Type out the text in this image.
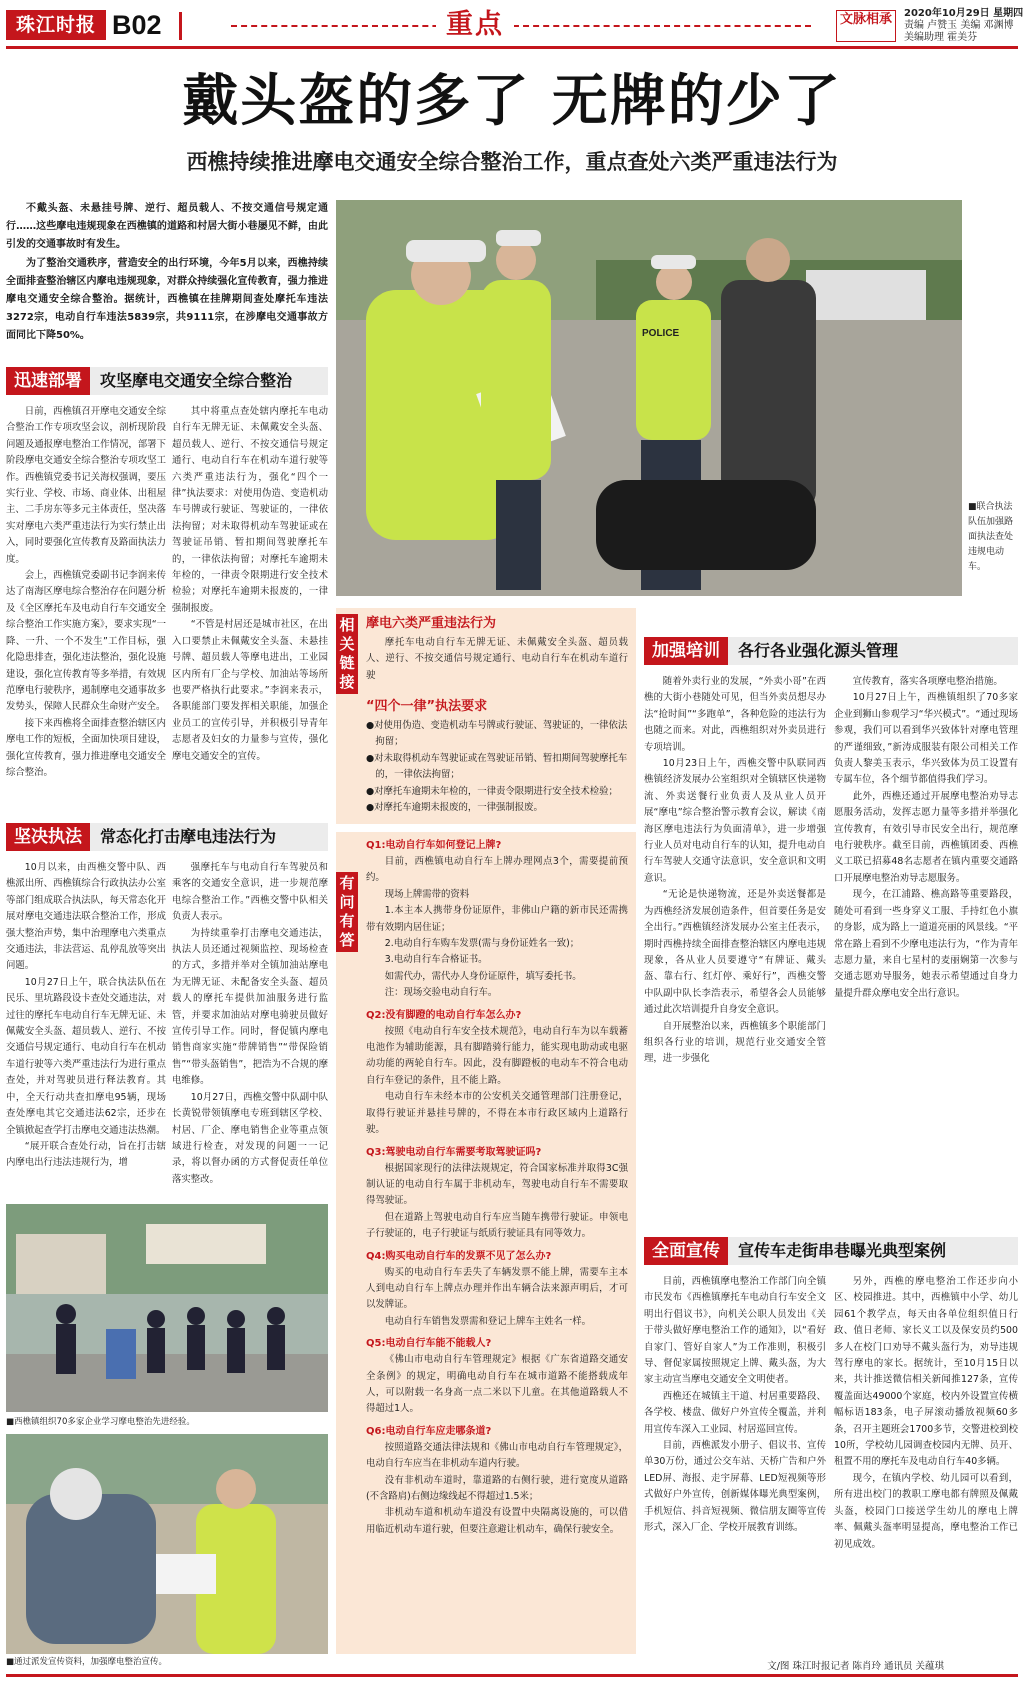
珠江时报 B02	重点	文脉相承	2020年10月29日 星期四
责编 卢赞玉 美编 邓渊博
美编助理 霍美芬
戴头盔的多了 无牌的少了
西樵持续推进摩电交通安全综合整治工作，重点查处六类严重违法行为

不戴头盔、未悬挂号牌、逆行、超员载人、不按交通信号规定通行……这些摩电违规现象在西樵镇的道路和村居大街小巷屡见不鲜，由此引发的交通事故时有发生。

为了整治交通秩序，营造安全的出行环境，今年5月以来，西樵持续全面排查整治辖区内摩电违规现象，对群众持续强化宣传教育，强力推进摩电交通安全综合整治。据统计，西樵镇在挂牌期间查处摩托车违法3272宗，电动自行车违法5839宗，共9111宗，在涉摩电交通事故方面同比下降50%。

迅速部署	攻坚摩电交通安全综合整治

日前，西樵镇召开摩电交通安全综合整治工作专项攻坚会议，剖析现阶段问题及通报摩电整治工作情况，部署下阶段摩电交通安全综合整治专项攻坚工作。西樵镇党委书记关海权强调，要压实行业、学校、市场、商业体、出租屋主、二手房东等多元主体责任，坚决落实对摩电六类严重违法行为实行禁止出入，同时要强化宣传教育及路面执法力度。

会上，西樵镇党委副书记李润来传达了南海区摩电综合整治存在问题分析及《全区摩托车及电动自行车交通安全综合整治工作实施方案》，要求实现“一降、一升、一个不发生”工作目标，强化隐患排查，强化违法整治，强化设施建设，强化宣传教育等多举措，有效规范摩电行驶秩序，遏制摩电交通事故多发势头，保障人民群众生命财产安全。

接下来西樵将全面排查整治辖区内摩电工作的短板，全面加快项目建设，强化宣传教育，强力推进摩电交通安全综合整治。

其中将重点查处辖内摩托车电动自行车无牌无证、未佩戴安全头盔、超员载人、逆行、不按交通信号规定通行、电动自行车在机动车道行驶等六类严重违法行为，强化“四个一律”执法要求：对使用伪造、变造机动车号牌或行驶证、驾驶证的，一律依法拘留；对未取得机动车驾驶证或在驾驶证吊销、暂扣期间驾驶摩托车的，一律依法拘留；对摩托车逾期未年检的，一律责令限期进行安全技术检验；对摩托车逾期未报废的，一律强制报废。

“不管是村居还是城市社区，在出入口要禁止未佩戴安全头盔、未悬挂号牌、超员载人等摩电进出，工业园区内所有厂企与学校、加油站等场所也要严格执行此要求。”李润来表示，各职能部门要发挥相关职能，加强企业员工的宣传引导，并积极引导青年志愿者及妇女的力量参与宣传，强化摩电交通安全的宣传。

POLICE
■联合执法队伍加强路面执法查处违规电动车。
坚决执法	常态化打击摩电违法行为

10月以来，由西樵交警中队、西樵派出所、西樵镇综合行政执法办公室等部门组成联合执法队，每天常态化开展对摩电交通违法联合整治工作，形成强大整治声势，集中治理摩电六类重点交通违法，非法营运、乱停乱放等突出问题。

10月27日上午，联合执法队伍在民乐、里坑路段设卡查处交通违法，对过往的摩托车电动自行车无牌无证、未佩戴安全头盔、超员载人、逆行、不按交通信号规定通行、电动自行车在机动车道行驶等六类严重违法行为进行重点查处，并对驾驶员进行释法教育。其中，全天行动共查扣摩电95辆，现场查处摩电其它交通违法62宗，还步在全镇掀起查学打击摩电交通违法热潮。

“展开联合查处行动，旨在打击辖内摩电出行违法违规行为，增

强摩托车与电动自行车驾驶员和乘客的交通安全意识，进一步规范摩电综合整治工作。”西樵交警中队相关负责人表示。

为持续重拳打击摩电交通违法，执法人员还通过视频监控、现场检查的方式，多措并举对全镇加油站摩电为无牌无证、未配备安全头盔、超员载人的摩托车提供加油服务进行监管，并要求加油站对摩电骑驶员做好宣传引导工作。同时，督促镇内摩电销售商家实施“带牌销售”“带保险销售”“带头盔销售”，把浩为不合规的摩电维修。

10月27日，西樵交警中队副中队长黄锐带领镇摩电专班到辖区学校、村居、厂企、摩电销售企业等重点领域进行检查，对发现的问题一一记录，将以督办函的方式督促责任单位落实整改。

■西樵镇组织70多家企业学习摩电整治先进经验。
■通过派发宣传资料，加强摩电整治宣传。
相关链接
摩电六类严重违法行为

摩托车电动自行车无牌无证、未佩戴安全头盔、超员载人、逆行、不按交通信号规定通行、电动自行车在机动车道行驶

“四个一律”执法要求
●对使用伪造、变造机动车号牌或行驶证、驾驶证的，一律依法拘留；
●对未取得机动车驾驶证或在驾驶证吊销、暂扣期间驾驶摩托车的，一律依法拘留；
●对摩托车逾期未年检的，一律责令限期进行安全技术检验；
●对摩托车逾期未报废的，一律强制报废。
有问有答
Q1:电动自行车如何登记上牌?

目前，西樵镇电动自行车上牌办理网点3个，需要提前预约。

现场上牌需带的资料

1.本主本人携带身份证原件，非佛山户籍的新市民还需携带有效期内居住证；

2.电动自行车购车发票(需与身份证姓名一致)；

3.电动自行车合格证书。

如需代办，需代办人身份证原件，填写委托书。

注：现场交验电动自行车。

Q2:没有脚蹬的电动自行车怎么办?

按照《电动自行车安全技术规范》，电动自行车为以车载蓄电池作为辅助能源，具有脚踏骑行能力，能实现电助动或电驱动功能的两轮自行车。因此，没有脚蹬板的电动车不符合电动自行车登记的条件，且不能上路。

电动自行车未经本市的公安机关交通管理部门注册登记，取得行驶证并悬挂号牌的，不得在本市行政区域内上道路行驶。

Q3:驾驶电动自行车需要考取驾驶证吗?

根据国家现行的法律法规规定，符合国家标准并取得3C强制认证的电动自行车属于非机动车，驾驶电动自行车不需要取得驾驶证。

但在道路上驾驶电动自行车应当随车携带行驶证。申领电子行驶证的，电子行驶证与纸质行驶证具有同等效力。

Q4:购买电动自行车的发票不见了怎么办?

购买的电动自行车丢失了车辆发票不能上牌，需要车主本人到电动自行车上牌点办理并作出车辆合法来源声明后，才可以发牌证。

电动自行车销售发票需和登记上牌车主姓名一样。

Q5:电动自行车能不能载人?

《佛山市电动自行车管理规定》根据《广东省道路交通安全条例》的规定，明确电动自行车在城市道路不能搭载成年人，可以附载一名身高一点二米以下儿童。在其他道路载人不得超过1人。

Q6:电动自行车应走哪条道?

按照道路交通法律法规和《佛山市电动自行车管理规定》，电动自行车应当在非机动车道内行驶。

没有非机动车道时，靠道路的右侧行驶，进行宽度从道路(不含路肩)右侧边缘线起不得超过1.5米；

非机动车道和机动车道没有设置中央隔离设施的，可以借用临近机动车道行驶，但要注意避让机动车，确保行驶安全。

加强培训	各行各业强化源头管理

随着外卖行业的发展，“外卖小哥”在西樵的大街小巷随处可见，但当外卖员想尽办法“抢时间”“多跑单”，各种危险的违法行为也随之而来。对此，西樵组织对外卖员进行专项培训。

10月23日上午，西樵交警中队联同西樵镇经济发展办公室组织对全镇辖区快递物流、外卖送餐行业负责人及从业人员开展“摩电”综合整治警示教育会议，解读《南海区摩电违法行为负面清单》，进一步增强行业人员对电动自行车的认知，提升电动自行车驾驶人交通守法意识，安全意识和文明意识。

“无论是快递物流，还是外卖送餐都是为西樵经济发展创造条件，但首要任务是安全出行。”西樵镇经济发展办公室主任表示，期时西樵持续全面排查整治辖区内摩电违规现象，各从业人员要遵守“有牌证、戴头盔、靠右行、红灯停、乘好行”，西樵交警中队副中队长李浩表示，希望各会人员能够通过此次培训提升自身安全意识。

自开展整治以来，西樵镇多个职能部门组织各行业的培训，规范行业交通安全管理，进一步强化

宣传教育，落实各项摩电整治措施。

10月27日上午，西樵镇组织了70多家企业到狮山参观学习“华兴模式”。“通过现场参观，我们可以看到华兴致体针对摩电管理的严谨细致，”新涛成服装有限公司相关工作负责人黎美玉表示，华兴致体为员工设置有专属车位，各个细节都值得我们学习。

此外，西樵还通过开展摩电整治劝导志愿服务活动，发挥志愿力量等多措并举强化宣传教育，有效引导市民安全出行，规范摩电行驶秩序。截至目前，西樵镇团委、西樵义工联已招募48名志愿者在镇内重要交通路口开展摩电整治劝导志愿服务。

现今，在江浦路、樵高路等重要路段，随处可看到一些身穿义工服、手持红色小旗的身影，成为路上一道道亮丽的风景线。“平常在路上看到不少摩电违法行为，“作为青年志愿力量，来自七星村的麦丽娴第一次参与交通志愿劝导服务，她表示希望通过自身力量提升群众摩电安全出行意识。

全面宣传	宣传车走街串巷曝光典型案例

目前，西樵镇摩电整治工作部门向全镇市民发布《西樵镇摩托车电动自行车安全文明出行倡议书》，向机关公职人员发出《关于带头做好摩电整治工作的通知》，以“看好自家门、管好自家人”为工作准则，积极引导、督促家属按照规定上牌、戴头盔，为大家主动宣当摩电交通安全文明使者。

西樵还在城镇主干道、村居重要路段、各学校、楼盘、做好户外宣传全覆盖，并利用宣传车深入工业园、村居巡回宣传。

目前，西樵派发小册子、倡议书、宣传单30万份，通过公交车站、天桥广告和户外LED屏、海报、走宇屏幕、LED短视频等形式做好户外宣传，创新媒体曝光典型案例，手机短信、抖音短视频、微信朋友圈等宣传形式，深入厂企、学校开展教育训练。

另外，西樵的摩电整治工作还步向小区、校园推进。其中，西樵镇中小学、幼儿园61个教学点，每天由各单位组织值日行政、值日老师、家长义工以及保安员约500多人在校门口劝导不戴头盔行为，劝导违规驾行摩电的家长。据统计，至10月15日以来，共计推送微信相关新闻推127条，宣传覆盖面达49000个家庭，校内外设置宣传横幅标语183条，电子屏滚动播放视频60多条，召开主题班会1700多节，交警进校到校10所，学校幼儿园调查校园内无牌、员开、租置不用的摩托车及电动自行车40多辆。

现今，在镇内学校、幼儿园可以看到，所有进出校门的教职工摩电都有牌照及佩戴头盔，校园门口接送学生幼儿的摩电上牌率、佩戴头盔率明显提高，摩电整治工作已初见成效。

文/图 珠江时报记者 陈肖玲 通讯员 关蕴琪
